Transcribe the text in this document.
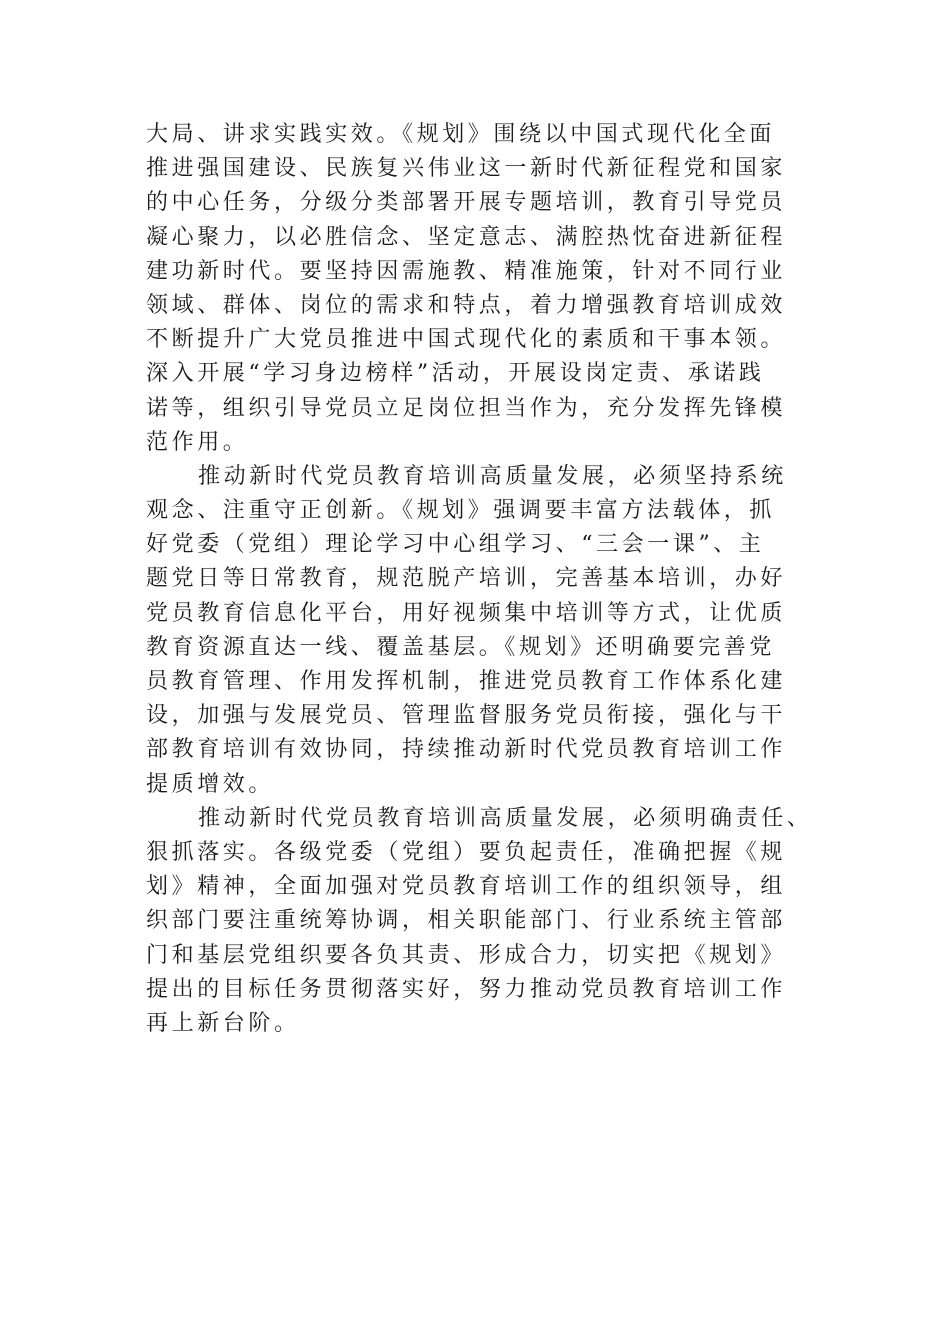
大局、讲求实践实效。《规划》围绕以中国式现代化全面
推进强国建设、民族复兴伟业这一新时代新征程党和国家
的中心任务，分级分类部署开展专题培训，教育引导党员
凝心聚力，以必胜信念、坚定意志、满腔热忱奋进新征程
建功新时代。要坚持因需施教、精准施策，针对不同行业
领域、群体、岗位的需求和特点，着力增强教育培训成效
不断提升广大党员推进中国式现代化的素质和干事本领。
深入开展“学习身边榜样”活动，开展设岗定责、承诺践
诺等，组织引导党员立足岗位担当作为，充分发挥先锋模
范作用。
推动新时代党员教育培训高质量发展，必须坚持系统
观念、注重守正创新。《规划》强调要丰富方法载体，抓
好党委（党组）理论学习中心组学习、“三会一课”、主
题党日等日常教育，规范脱产培训，完善基本培训，办好
党员教育信息化平台，用好视频集中培训等方式，让优质
教育资源直达一线、覆盖基层。《规划》还明确要完善党
员教育管理、作用发挥机制，推进党员教育工作体系化建
设，加强与发展党员、管理监督服务党员衔接，强化与干
部教育培训有效协同，持续推动新时代党员教育培训工作
提质增效。
推动新时代党员教育培训高质量发展，必须明确责任、
狠抓落实。各级党委（党组）要负起责任，准确把握《规
划》精神，全面加强对党员教育培训工作的组织领导，组
织部门要注重统筹协调，相关职能部门、行业系统主管部
门和基层党组织要各负其责、形成合力，切实把《规划》
提出的目标任务贯彻落实好，努力推动党员教育培训工作
再上新台阶。
